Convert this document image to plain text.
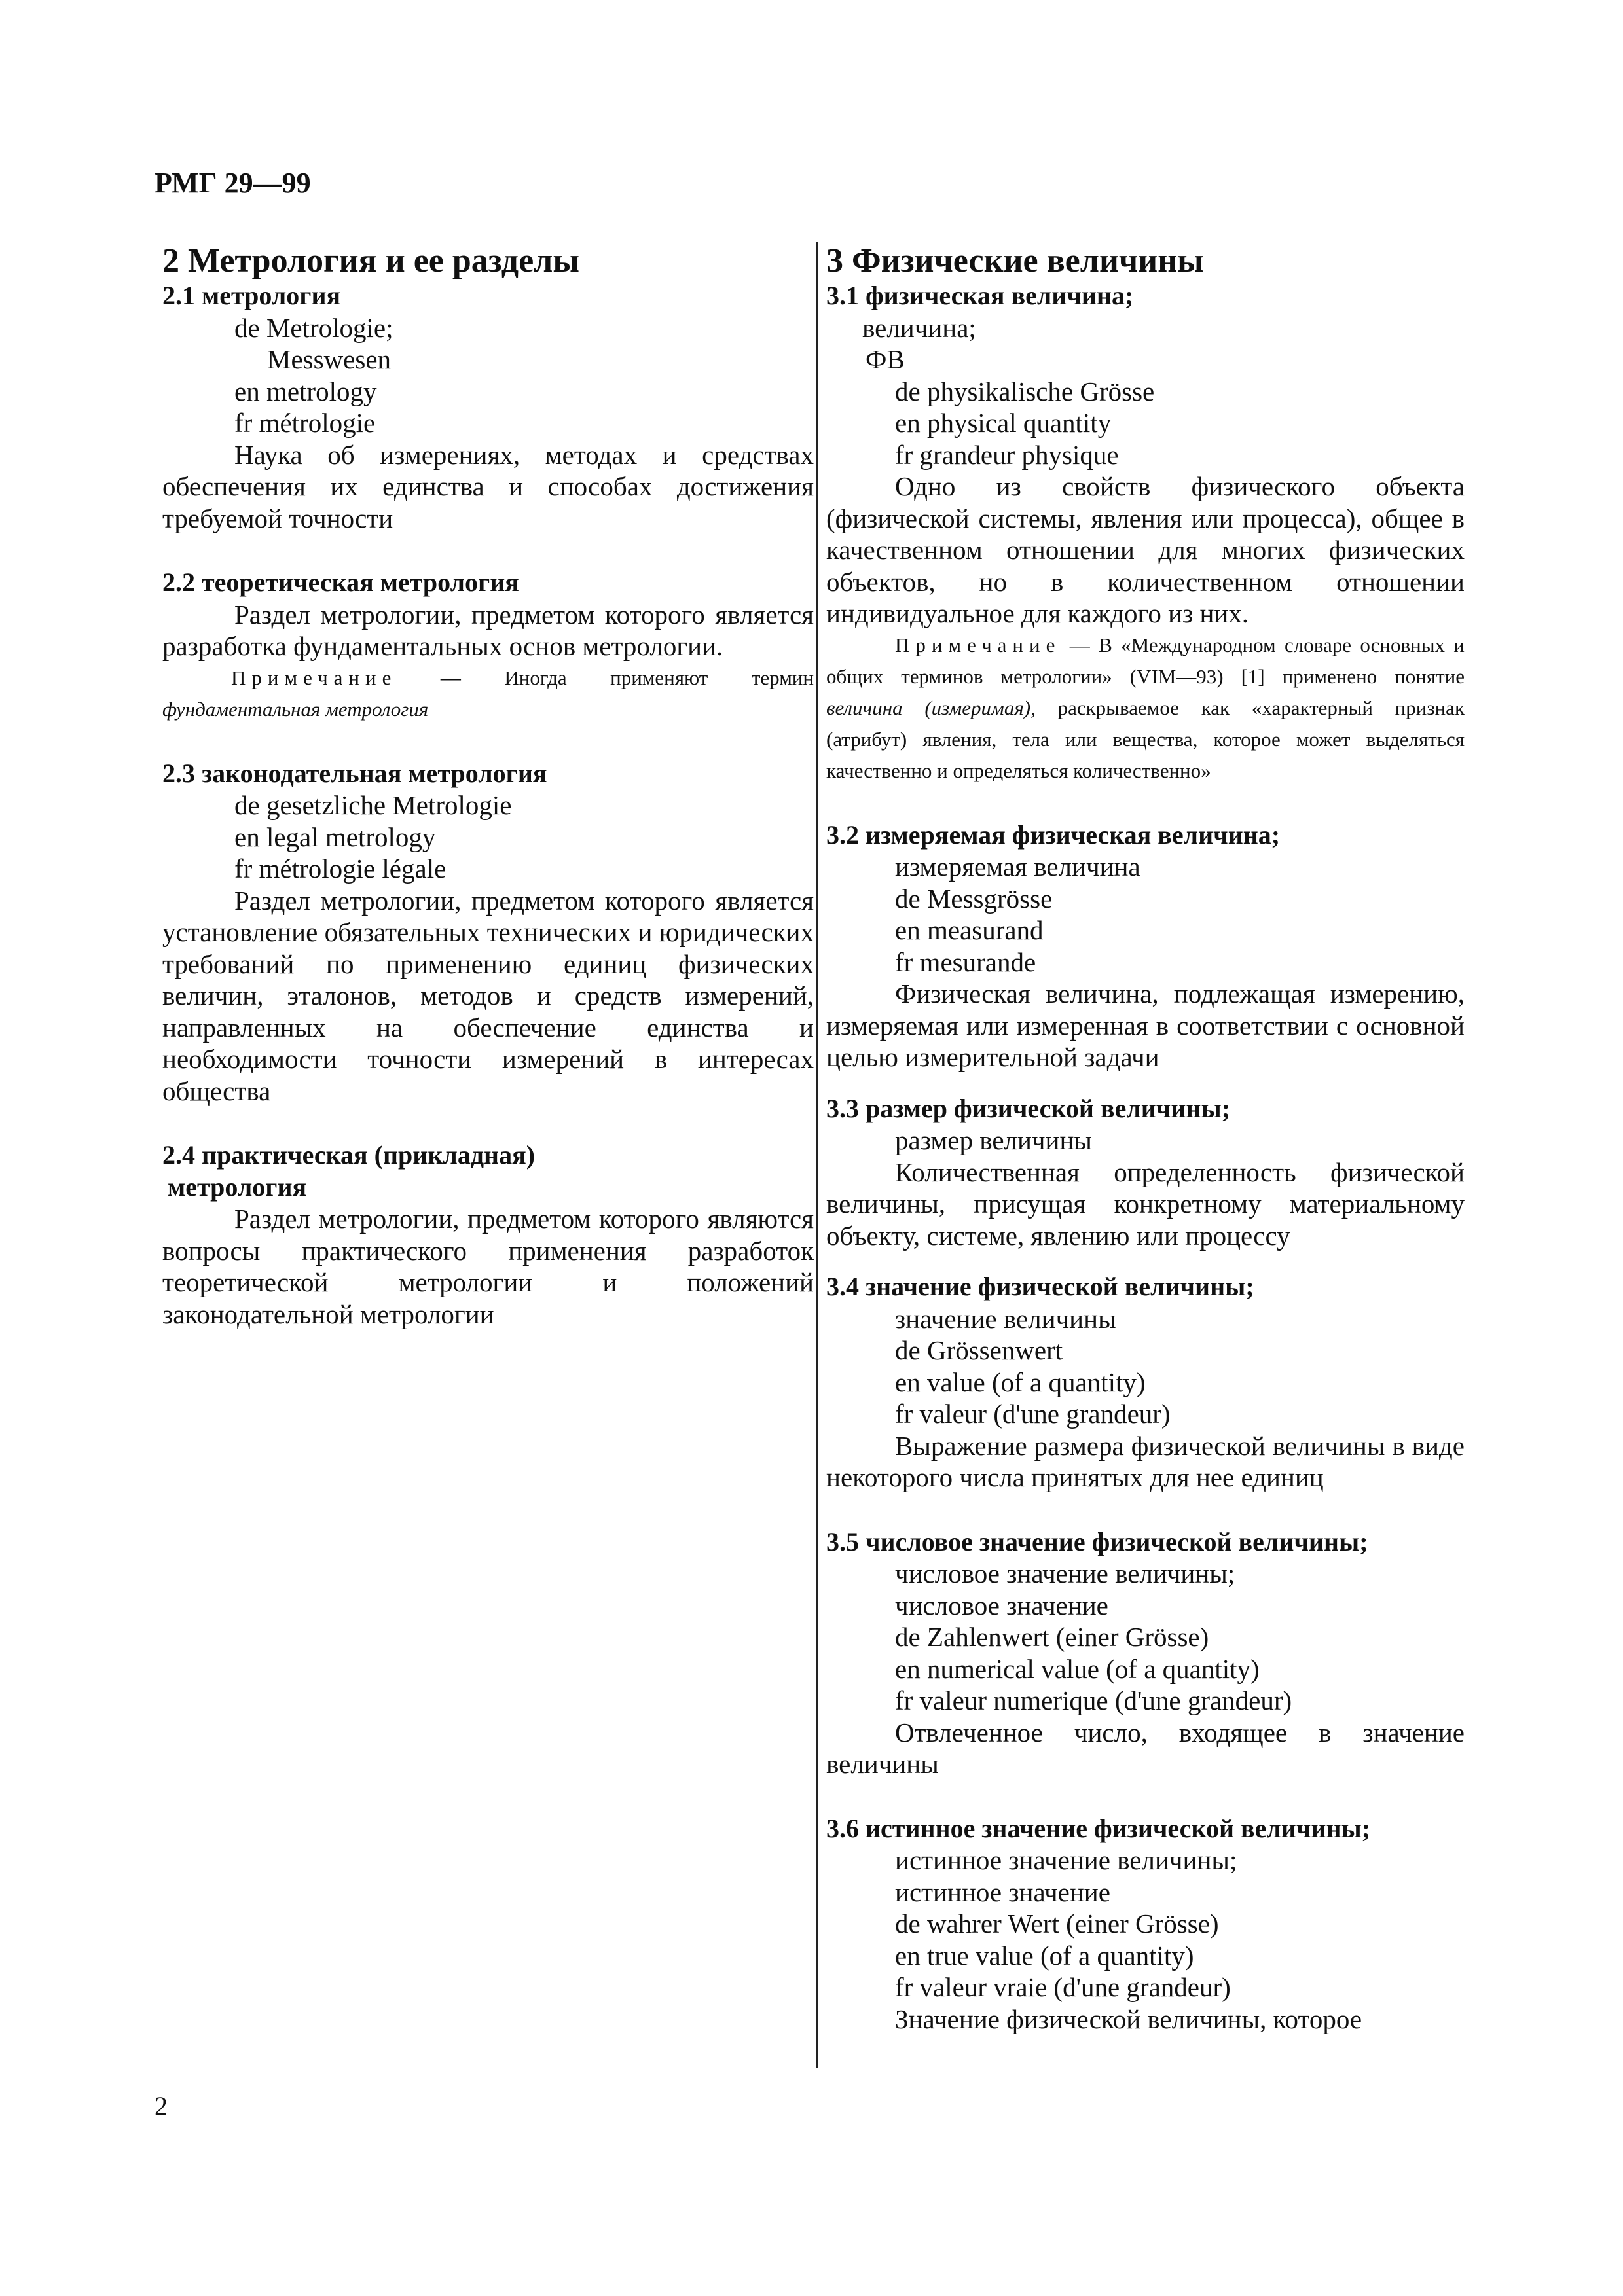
РМГ 29—99

2 Метрология и ее разделы

2.1 метрология

de Metrologie;

Messwesen

en metrology

fr métrologie

Наука об измерениях, методах и средствах обеспечения их единства и способах достижения требуемой точности

2.2 теоретическая метрология

Раздел метрологии, предметом которого является разработка фундаментальных основ метрологии.

Примечание — Иногда применяют термин фундаментальная метрология

2.3 законодательная метрология

de gesetzliche Metrologie

en legal metrology

fr métrologie légale

Раздел метрологии, предметом которого является установление обязательных технических и юридических требований по применению единиц физических величин, эталонов, методов и средств измерений, направленных на обеспечение единства и необходимости точности измерений в интересах общества

2.4 практическая (прикладная)

метрология

Раздел метрологии, предметом которого являются вопросы практического применения разработок теоретической метрологии и положений законодательной метрологии

3 Физические величины

3.1 физическая величина;

величина;

ФВ

de physikalische Grösse

en physical quantity

fr grandeur physique

Одно из свойств физического объекта (физической системы, явления или процесса), общее в качественном отношении для многих физических объектов, но в количественном отношении индивидуальное для каждого из них.

Примечание — В «Международном словаре основных и общих терминов метрологии» (VIM—93) [1] применено понятие величина (измеримая), раскрываемое как «характерный признак (атрибут) явления, тела или вещества, которое может выделяться качественно и определяться количественно»

3.2 измеряемая физическая величина;

измеряемая величина

de Messgrösse

en measurand

fr mesurande

Физическая величина, подлежащая измерению, измеряемая или измеренная в соответствии с основной целью измерительной задачи

3.3 размер физической величины;

размер величины

Количественная определенность физической величины, присущая конкретному материальному объекту, системе, явлению или процессу

3.4 значение физической величины;

значение величины

de Grössenwert

en value (of a quantity)

fr valeur (d'une grandeur)

Выражение размера физической величины в виде некоторого числа принятых для нее единиц

3.5 числовое значение физической величины;

числовое значение величины;

числовое значение

de Zahlenwert (einer Grösse)

en numerical value (of a quantity)

fr valeur numerique (d'une grandeur)

Отвлеченное число, входящее в значение величины

3.6 истинное значение физической величины;

истинное значение величины;

истинное значение

de wahrer Wert (einer Grösse)

en true value (of a quantity)

fr valeur vraie (d'une grandeur)

Значение физической величины, которое

2
